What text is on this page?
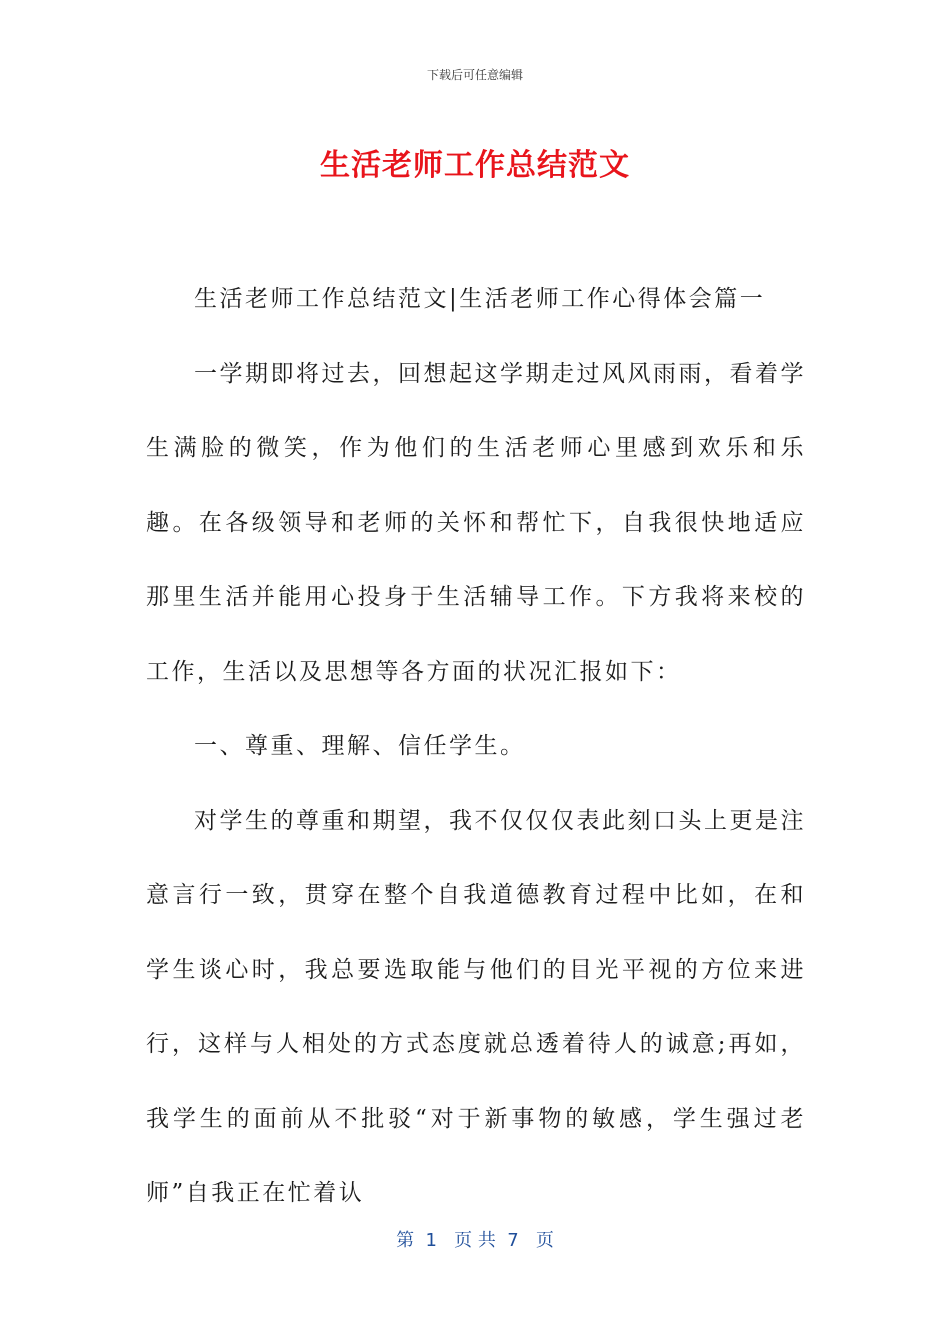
下载后可任意编辑
生活老师工作总结范文

生活老师工作总结范文|生活老师工作心得体会篇一

一学期即将过去，回想起这学期走过风风雨雨，看着学生满脸的微笑，作为他们的生活老师心里感到欢乐和乐趣。在各级领导和老师的关怀和帮忙下，自我很快地适应那里生活并能用心投身于生活辅导工作。下方我将来校的工作，生活以及思想等各方面的状况汇报如下：

一、尊重、理解、信任学生。

对学生的尊重和期望，我不仅仅仅表此刻口头上更是注意言行一致，贯穿在整个自我道德教育过程中比如，在和学生谈心时，我总要选取能与他们的目光平视的方位来进行，这样与人相处的方式态度就总透着待人的诚意;再如，我学生的面前从不批驳“对于新事物的敏感，学生强过老师”自我正在忙着认

第  1   页 共  7   页
